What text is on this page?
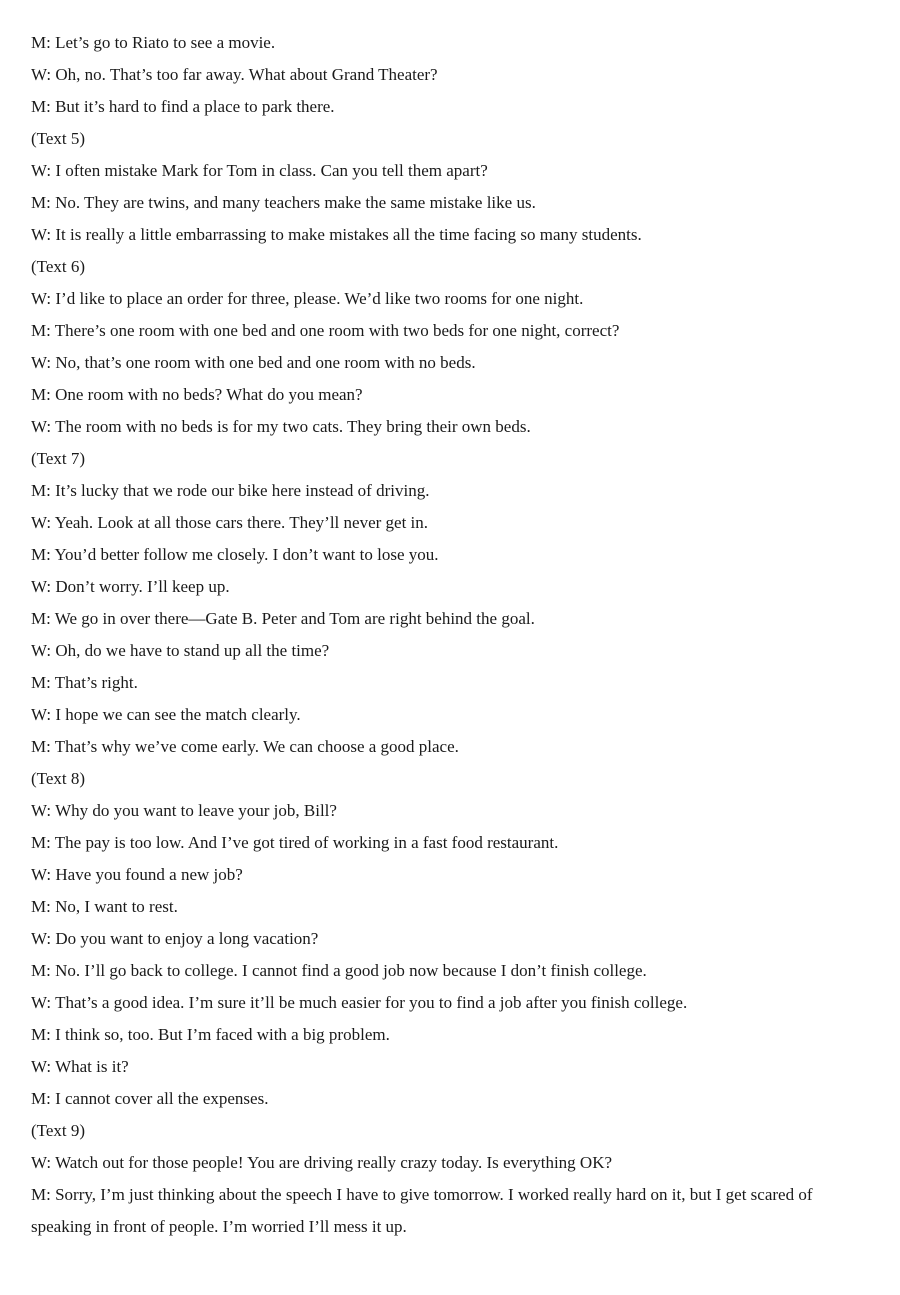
M: Let’s go to Riato to see a movie.

W: Oh, no. That’s too far away. What about Grand Theater?

M: But it’s hard to find a place to park there.

(Text 5)

W: I often mistake Mark for Tom in class. Can you tell them apart?

M: No. They are twins, and many teachers make the same mistake like us.

W: It is really a little embarrassing to make mistakes all the time facing so many students.

(Text 6)

W: I’d like to place an order for three, please. We’d like two rooms for one night.

M: There’s one room with one bed and one room with two beds for one night, correct?

W: No, that’s one room with one bed and one room with no beds.

M: One room with no beds? What do you mean?

W: The room with no beds is for my two cats. They bring their own beds.

(Text 7)

M: It’s lucky that we rode our bike here instead of driving.

W: Yeah. Look at all those cars there. They’ll never get in.

M: You’d better follow me closely. I don’t want to lose you.

W: Don’t worry. I’ll keep up.

M: We go in over there—Gate B. Peter and Tom are right behind the goal.

W: Oh, do we have to stand up all the time?

M: That’s right.

W: I hope we can see the match clearly.

M: That’s why we’ve come early. We can choose a good place.

(Text 8)

W: Why do you want to leave your job, Bill?

M: The pay is too low. And I’ve got tired of working in a fast food restaurant.

W: Have you found a new job?

M: No, I want to rest.

W: Do you want to enjoy a long vacation?

M: No. I’ll go back to college. I cannot find a good job now because I don’t finish college.

W: That’s a good idea. I’m sure it’ll be much easier for you to find a job after you finish college.

M: I think so, too. But I’m faced with a big problem.

W: What is it?

M: I cannot cover all the expenses.

(Text 9)

W: Watch out for those people! You are driving really crazy today. Is everything OK?

M: Sorry, I’m just thinking about the speech I have to give tomorrow. I worked really hard on it, but I get scared of speaking in front of people. I’m worried I’ll mess it up.
